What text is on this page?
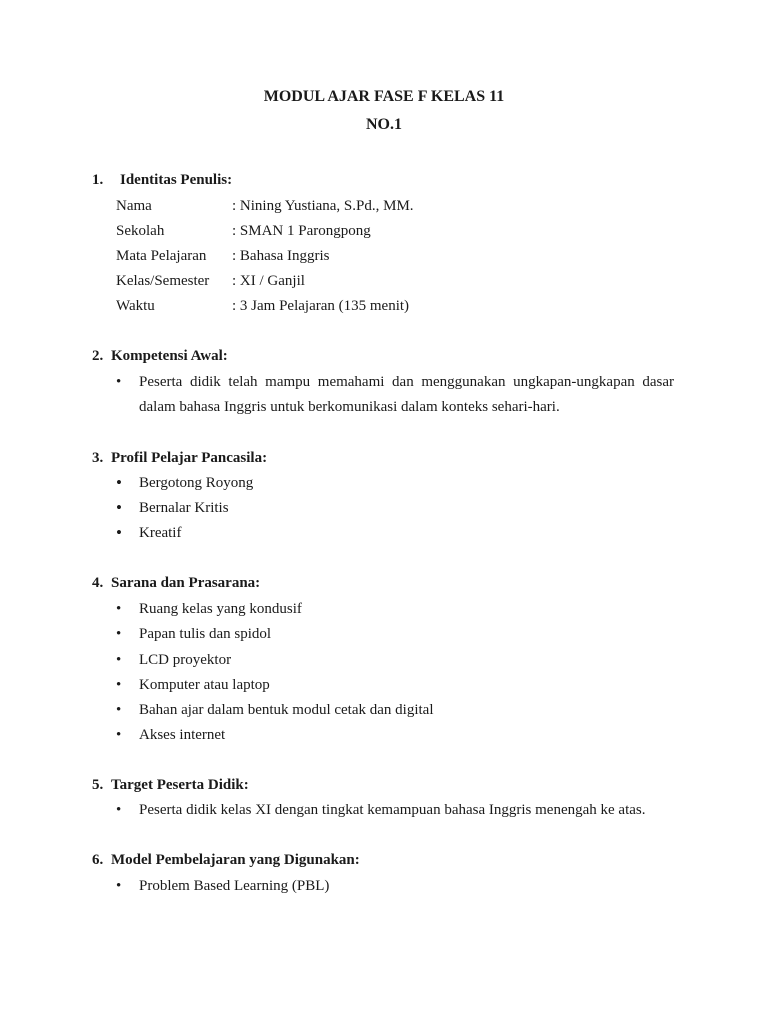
MODUL AJAR FASE F KELAS 11
NO.1
1. Identitas Penulis:
Nama	: Nining Yustiana, S.Pd., MM.
Sekolah	: SMAN 1 Parongpong
Mata Pelajaran : Bahasa Inggris
Kelas/Semester : XI / Ganjil
Waktu	: 3 Jam Pelajaran (135 menit)
2. Kompetensi Awal:
•	Peserta didik telah mampu memahami dan menggunakan ungkapan-ungkapan dasar
dalam bahasa Inggris untuk berkomunikasi dalam konteks sehari-hari.
3. Profil Pelajar Pancasila:
•	Bergotong Royong
•	Bernalar Kritis
•	Kreatif
4. Sarana dan Prasarana:
•	Ruang kelas yang kondusif
•	Papan tulis dan spidol
•	LCD proyektor
•	Komputer atau laptop
•	Bahan ajar dalam bentuk modul cetak dan digital
•	Akses internet
5. Target Peserta Didik:
•	Peserta didik kelas XI dengan tingkat kemampuan bahasa Inggris menengah ke atas.
6. Model Pembelajaran yang Digunakan:
•	Problem Based Learning (PBL)
